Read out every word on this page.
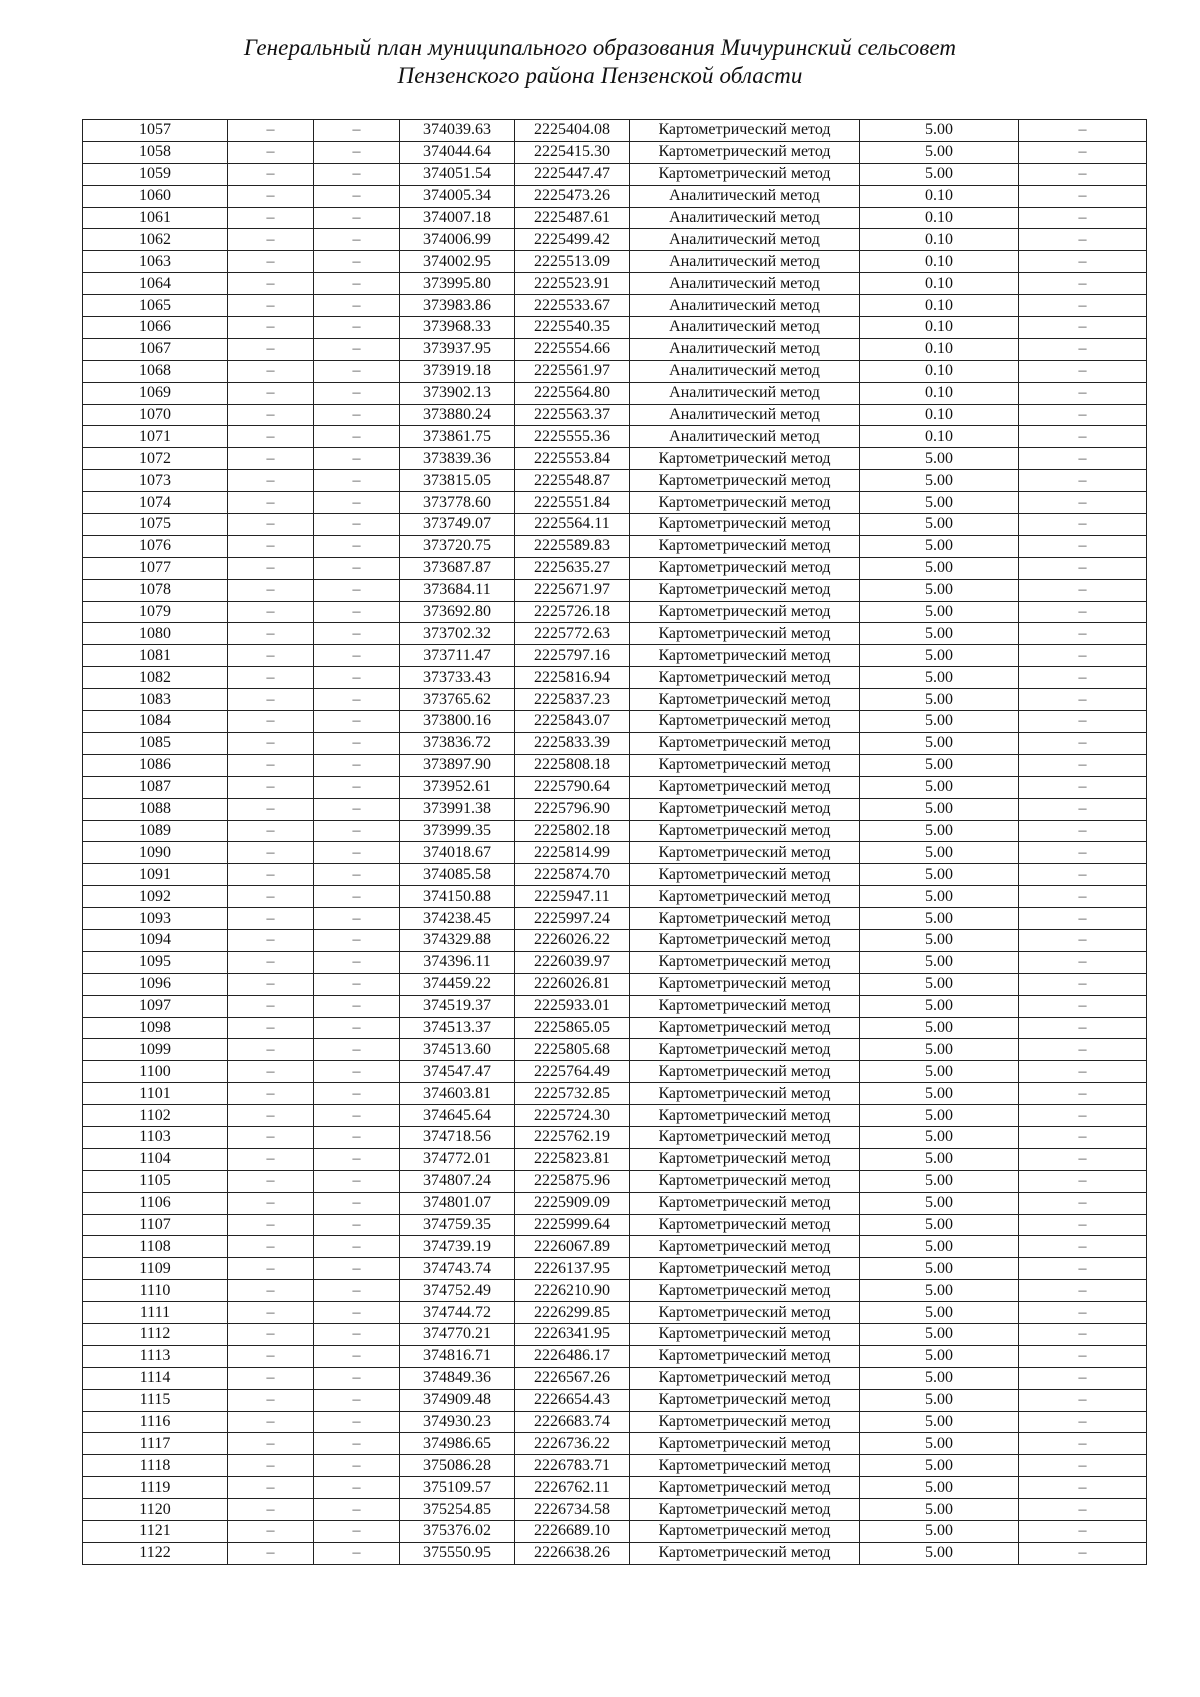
Генеральный план муниципального образования Мичуринский сельсовет
Пензенского района Пензенской области
1057	–	–	374039.63	2225404.08	Картометрический метод	5.00	–
1058	–	–	374044.64	2225415.30	Картометрический метод	5.00	–
1059	–	–	374051.54	2225447.47	Картометрический метод	5.00	–
1060	–	–	374005.34	2225473.26	Аналитический метод	0.10	–
1061	–	–	374007.18	2225487.61	Аналитический метод	0.10	–
1062	–	–	374006.99	2225499.42	Аналитический метод	0.10	–
1063	–	–	374002.95	2225513.09	Аналитический метод	0.10	–
1064	–	–	373995.80	2225523.91	Аналитический метод	0.10	–
1065	–	–	373983.86	2225533.67	Аналитический метод	0.10	–
1066	–	–	373968.33	2225540.35	Аналитический метод	0.10	–
1067	–	–	373937.95	2225554.66	Аналитический метод	0.10	–
1068	–	–	373919.18	2225561.97	Аналитический метод	0.10	–
1069	–	–	373902.13	2225564.80	Аналитический метод	0.10	–
1070	–	–	373880.24	2225563.37	Аналитический метод	0.10	–
1071	–	–	373861.75	2225555.36	Аналитический метод	0.10	–
1072	–	–	373839.36	2225553.84	Картометрический метод	5.00	–
1073	–	–	373815.05	2225548.87	Картометрический метод	5.00	–
1074	–	–	373778.60	2225551.84	Картометрический метод	5.00	–
1075	–	–	373749.07	2225564.11	Картометрический метод	5.00	–
1076	–	–	373720.75	2225589.83	Картометрический метод	5.00	–
1077	–	–	373687.87	2225635.27	Картометрический метод	5.00	–
1078	–	–	373684.11	2225671.97	Картометрический метод	5.00	–
1079	–	–	373692.80	2225726.18	Картометрический метод	5.00	–
1080	–	–	373702.32	2225772.63	Картометрический метод	5.00	–
1081	–	–	373711.47	2225797.16	Картометрический метод	5.00	–
1082	–	–	373733.43	2225816.94	Картометрический метод	5.00	–
1083	–	–	373765.62	2225837.23	Картометрический метод	5.00	–
1084	–	–	373800.16	2225843.07	Картометрический метод	5.00	–
1085	–	–	373836.72	2225833.39	Картометрический метод	5.00	–
1086	–	–	373897.90	2225808.18	Картометрический метод	5.00	–
1087	–	–	373952.61	2225790.64	Картометрический метод	5.00	–
1088	–	–	373991.38	2225796.90	Картометрический метод	5.00	–
1089	–	–	373999.35	2225802.18	Картометрический метод	5.00	–
1090	–	–	374018.67	2225814.99	Картометрический метод	5.00	–
1091	–	–	374085.58	2225874.70	Картометрический метод	5.00	–
1092	–	–	374150.88	2225947.11	Картометрический метод	5.00	–
1093	–	–	374238.45	2225997.24	Картометрический метод	5.00	–
1094	–	–	374329.88	2226026.22	Картометрический метод	5.00	–
1095	–	–	374396.11	2226039.97	Картометрический метод	5.00	–
1096	–	–	374459.22	2226026.81	Картометрический метод	5.00	–
1097	–	–	374519.37	2225933.01	Картометрический метод	5.00	–
1098	–	–	374513.37	2225865.05	Картометрический метод	5.00	–
1099	–	–	374513.60	2225805.68	Картометрический метод	5.00	–
1100	–	–	374547.47	2225764.49	Картометрический метод	5.00	–
1101	–	–	374603.81	2225732.85	Картометрический метод	5.00	–
1102	–	–	374645.64	2225724.30	Картометрический метод	5.00	–
1103	–	–	374718.56	2225762.19	Картометрический метод	5.00	–
1104	–	–	374772.01	2225823.81	Картометрический метод	5.00	–
1105	–	–	374807.24	2225875.96	Картометрический метод	5.00	–
1106	–	–	374801.07	2225909.09	Картометрический метод	5.00	–
1107	–	–	374759.35	2225999.64	Картометрический метод	5.00	–
1108	–	–	374739.19	2226067.89	Картометрический метод	5.00	–
1109	–	–	374743.74	2226137.95	Картометрический метод	5.00	–
1110	–	–	374752.49	2226210.90	Картометрический метод	5.00	–
1111	–	–	374744.72	2226299.85	Картометрический метод	5.00	–
1112	–	–	374770.21	2226341.95	Картометрический метод	5.00	–
1113	–	–	374816.71	2226486.17	Картометрический метод	5.00	–
1114	–	–	374849.36	2226567.26	Картометрический метод	5.00	–
1115	–	–	374909.48	2226654.43	Картометрический метод	5.00	–
1116	–	–	374930.23	2226683.74	Картометрический метод	5.00	–
1117	–	–	374986.65	2226736.22	Картометрический метод	5.00	–
1118	–	–	375086.28	2226783.71	Картометрический метод	5.00	–
1119	–	–	375109.57	2226762.11	Картометрический метод	5.00	–
1120	–	–	375254.85	2226734.58	Картометрический метод	5.00	–
1121	–	–	375376.02	2226689.10	Картометрический метод	5.00	–
1122	–	–	375550.95	2226638.26	Картометрический метод	5.00	–
